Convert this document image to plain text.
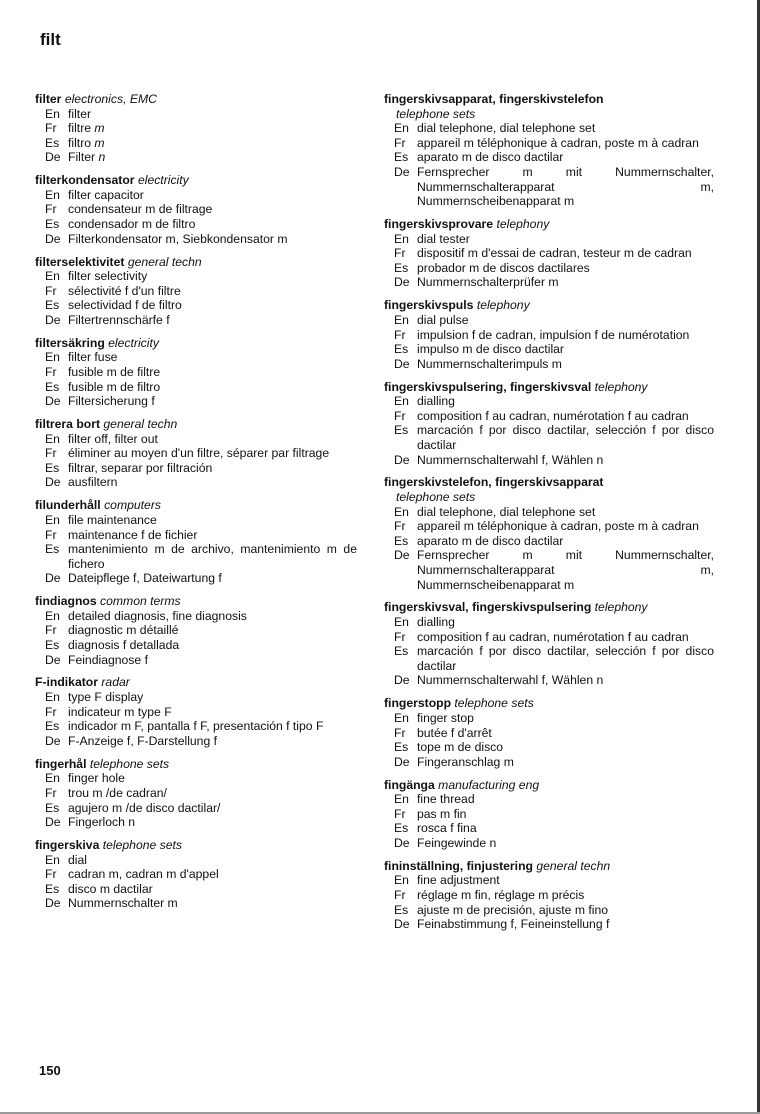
filt
filter electronics, EMC
En filter
Fr filtre m
Es filtro m
De Filter n
filterkondensator electricity
En filter capacitor
Fr condensateur m de filtrage
Es condensador m de filtro
De Filterkondensator m, Siebkondensator m
filterselektivitet general techn
En filter selectivity
Fr sélectivité f d'un filtre
Es selectividad f de filtro
De Filtertrennschärfe f
filtersäkring electricity
En filter fuse
Fr fusible m de filtre
Es fusible m de filtro
De Filtersicherung f
filtrera bort general techn
En filter off, filter out
Fr éliminer au moyen d'un filtre, séparer par filtrage
Es filtrar, separar por filtración
De ausfiltern
filunderhåll computers
En file maintenance
Fr maintenance f de fichier
Es mantenimiento m de archivo, mantenimiento m de fichero
De Dateipflege f, Dateiwartung f
findiagnos common terms
En detailed diagnosis, fine diagnosis
Fr diagnostic m détaillé
Es diagnosis f detallada
De Feindiagnose f
F-indikator radar
En type F display
Fr indicateur m type F
Es indicador m F, pantalla f F, presentación f tipo F
De F-Anzeige f, F-Darstellung f
fingerhål telephone sets
En finger hole
Fr trou m /de cadran/
Es agujero m /de disco dactilar/
De Fingerloch n
fingerskiva telephone sets
En dial
Fr cadran m, cadran m d'appel
Es disco m dactilar
De Nummernschalter m
fingerskivsapparat, fingerskivstelefon
telephone sets
En dial telephone, dial telephone set
Fr appareil m téléphonique à cadran, poste m à cadran
Es aparato m de disco dactilar
De Fernsprecher m mit Nummernschalter, Nummernschalterapparat m, Nummernscheibenapparat m
fingerskivsprovare telephony
En dial tester
Fr dispositif m d'essai de cadran, testeur m de cadran
Es probador m de discos dactilares
De Nummernschalterprüfer m
fingerskivspuls telephony
En dial pulse
Fr impulsion f de cadran, impulsion f de numérotation
Es impulso m de disco dactilar
De Nummernschalterimpuls m
fingerskivspulsering, fingerskivsval telephony
En dialling
Fr composition f au cadran, numérotation f au cadran
Es marcación f por disco dactilar, selección f por disco dactilar
De Nummernschalterwahl f, Wählen n
fingerskivstelefon, fingerskivsapparat
telephone sets
En dial telephone, dial telephone set
Fr appareil m téléphonique à cadran, poste m à cadran
Es aparato m de disco dactilar
De Fernsprecher m mit Nummernschalter, Nummernschalterapparat m, Nummernscheibenapparat m
fingerskivsval, fingerskivspulsering telephony
En dialling
Fr composition f au cadran, numérotation f au cadran
Es marcación f por disco dactilar, selección f por disco dactilar
De Nummernschalterwahl f, Wählen n
fingerstopp telephone sets
En finger stop
Fr butée f d'arrêt
Es tope m de disco
De Fingeranschlag m
fingänga manufacturing eng
En fine thread
Fr pas m fin
Es rosca f fina
De Feingewinde n
fininställning, finjustering general techn
En fine adjustment
Fr réglage m fin, réglage m précis
Es ajuste m de precisión, ajuste m fino
De Feinabstimmung f, Feineinstellung f
150
